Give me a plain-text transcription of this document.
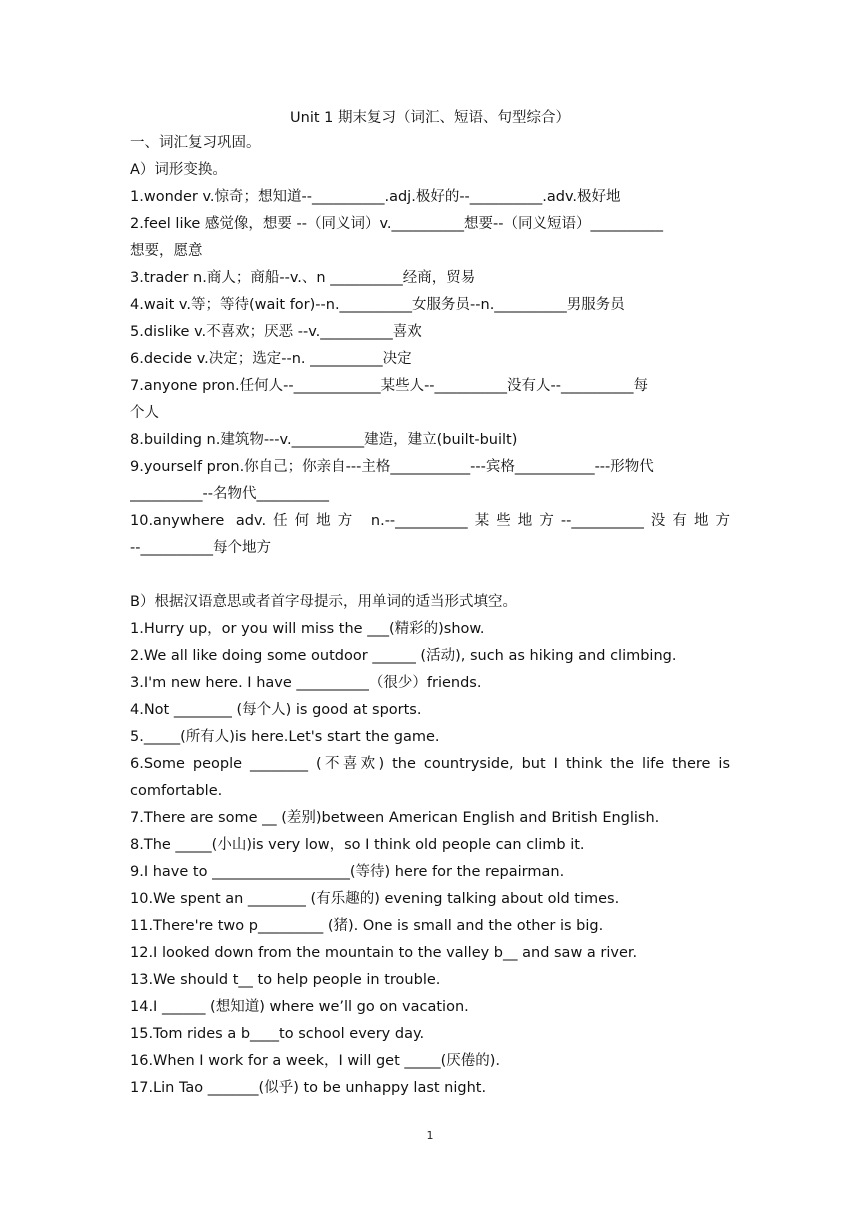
Unit 1 期末复习（词汇、短语、句型综合）
一、词汇复习巩固。
A）词形变换。
1.wonder v.惊奇；想知道--__________.adj.极好的--__________.adv.极好地
2.feel like 感觉像，想要 --（同义词）v.__________想要--（同义短语）__________
想要，愿意
3.trader n.商人；商船--v.、n __________经商，贸易
4.wait v.等；等待(wait for)--n.__________女服务员--n.__________男服务员
5.dislike v.不喜欢；厌恶 --v.__________喜欢
6.decide v.决定；选定--n. __________决定
7.anyone pron.任何人--____________某些人--__________没有人--__________每
个人
8.building n.建筑物---v.__________建造，建立(built-built)
9.yourself pron.你自己；你亲自---主格___________---宾格___________---形物代
__________--名物代__________
10.anywhere adv.任何地方 n.--__________某些地方--__________没有地方
--__________每个地方
B）根据汉语意思或者首字母提示，用单词的适当形式填空。
1.Hurry up，or you will miss the ___(精彩的)show.
2.We all like doing some outdoor ______ (活动), such as hiking and climbing.
3.I'm new here. I have __________（很少）friends.
4.Not ________ (每个人) is good at sports.
5._____(所有人)is here.Let's start the game.
6.Some people ________ (不喜欢) the countryside, but I think the life there is
comfortable.
7.There are some __ (差别)between American English and British English.
8.The _____(小山)is very low，so I think old people can climb it.
9.I have to ___________________(等待) here for the repairman.
10.We spent an ________ (有乐趣的) evening talking about old times.
11.There're two p_________ (猪). One is small and the other is big.
12.I looked down from the mountain to the valley b__ and saw a river.
13.We should t__ to help people in trouble.
14.I ______ (想知道) where we’ll go on vacation.
15.Tom rides a b____to school every day.
16.When I work for a week，I will get _____(厌倦的)．
17.Lin Tao _______(似乎) to be unhappy last night.
1
